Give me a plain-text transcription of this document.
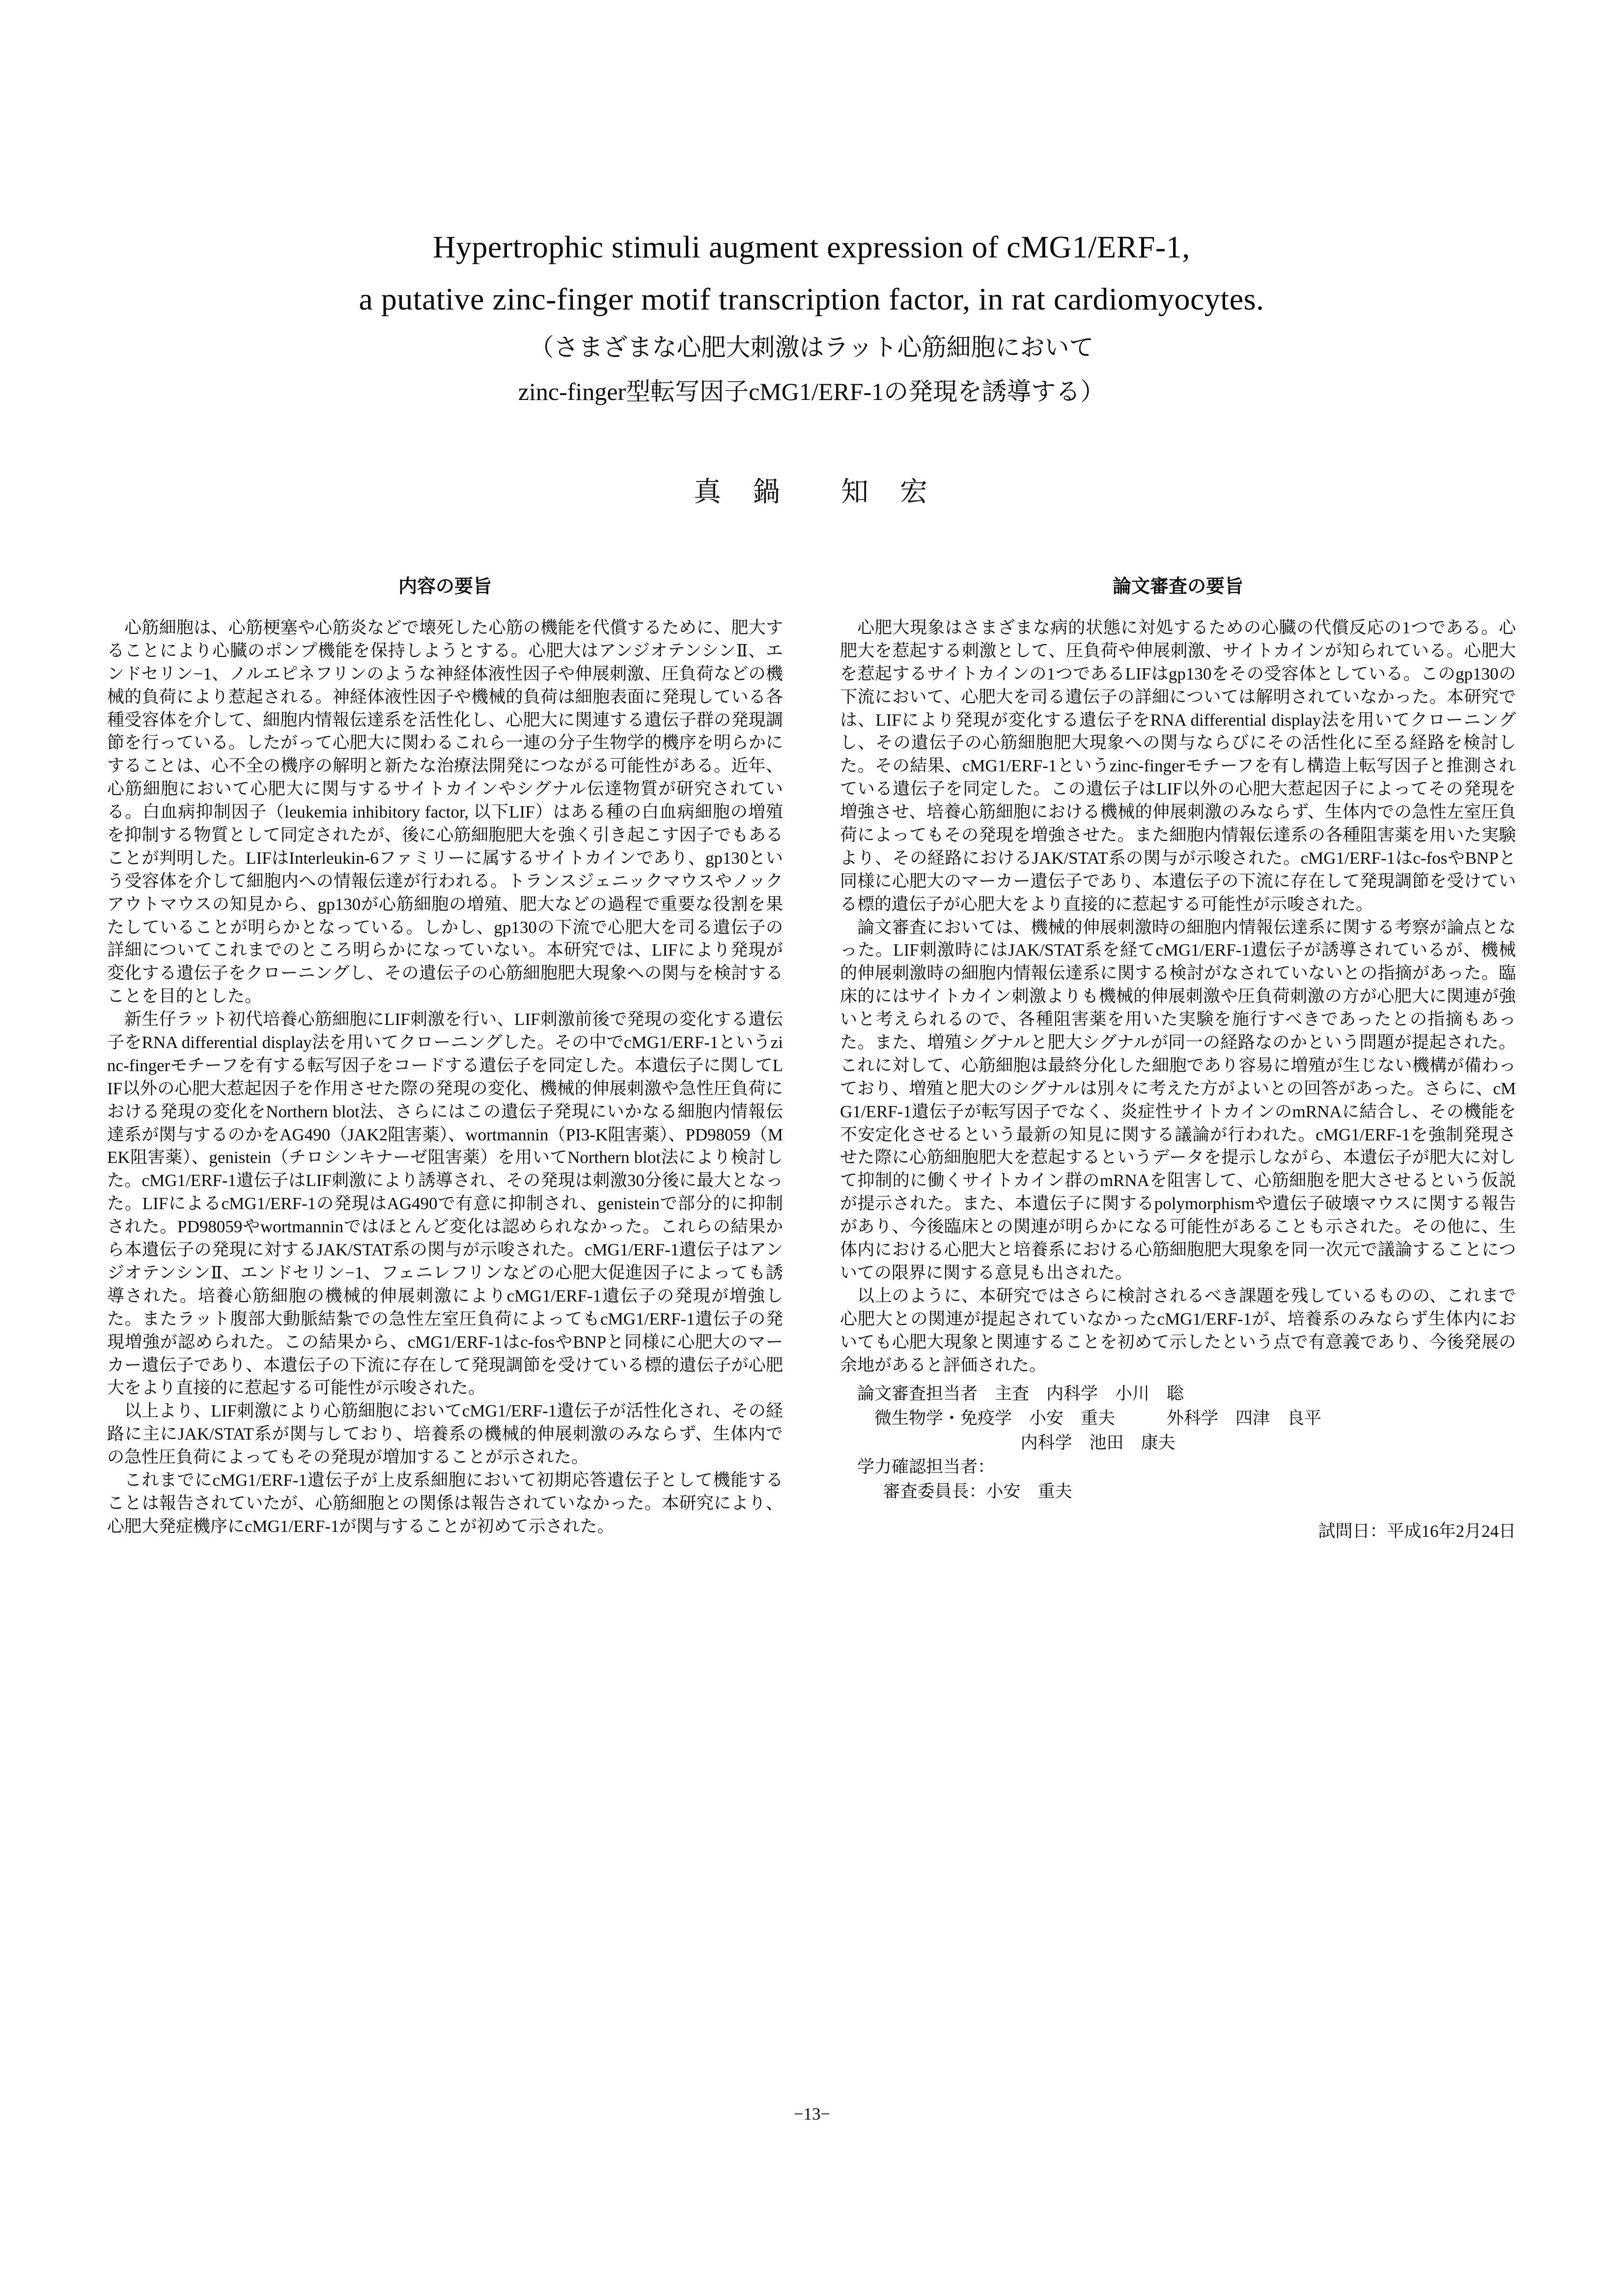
Hypertrophic stimuli augment expression of cMG1/ERF-1,
a putative zinc-finger motif transcription factor, in rat cardiomyocytes.
（さまざまな心肥大刺激はラット心筋細胞において
zinc-finger型転写因子cMG1/ERF-1の発現を誘導する）
真　鍋　　知　宏
内容の要旨

心筋細胞は、心筋梗塞や心筋炎などで壊死した心筋の機能を代償するために、肥大することにより心臓のポンプ機能を保持しようとする。心肥大はアンジオテンシンⅡ、エンドセリン−1、ノルエピネフリンのような神経体液性因子や伸展刺激、圧負荷などの機械的負荷により惹起される。神経体液性因子や機械的負荷は細胞表面に発現している各種受容体を介して、細胞内情報伝達系を活性化し、心肥大に関連する遺伝子群の発現調節を行っている。したがって心肥大に関わるこれら一連の分子生物学的機序を明らかにすることは、心不全の機序の解明と新たな治療法開発につながる可能性がある。近年、心筋細胞において心肥大に関与するサイトカインやシグナル伝達物質が研究されている。白血病抑制因子（leukemia inhibitory factor, 以下LIF）はある種の白血病細胞の増殖を抑制する物質として同定されたが、後に心筋細胞肥大を強く引き起こす因子でもあることが判明した。LIFはInterleukin-6ファミリーに属するサイトカインであり、gp130という受容体を介して細胞内への情報伝達が行われる。トランスジェニックマウスやノックアウトマウスの知見から、gp130が心筋細胞の増殖、肥大などの過程で重要な役割を果たしていることが明らかとなっている。しかし、gp130の下流で心肥大を司る遺伝子の詳細についてこれまでのところ明らかになっていない。本研究では、LIFにより発現が変化する遺伝子をクローニングし、その遺伝子の心筋細胞肥大現象への関与を検討することを目的とした。

新生仔ラット初代培養心筋細胞にLIF刺激を行い、LIF刺激前後で発現の変化する遺伝子をRNA differential display法を用いてクローニングした。その中でcMG1/ERF-1というzinc-fingerモチーフを有する転写因子をコードする遺伝子を同定した。本遺伝子に関してLIF以外の心肥大惹起因子を作用させた際の発現の変化、機械的伸展刺激や急性圧負荷における発現の変化をNorthern blot法、さらにはこの遺伝子発現にいかなる細胞内情報伝達系が関与するのかをAG490（JAK2阻害薬）、wortmannin（PI3-K阻害薬）、PD98059（MEK阻害薬）、genistein（チロシンキナーゼ阻害薬）を用いてNorthern blot法により検討した。cMG1/ERF-1遺伝子はLIF刺激により誘導され、その発現は刺激30分後に最大となった。LIFによるcMG1/ERF-1の発現はAG490で有意に抑制され、genisteinで部分的に抑制された。PD98059やwortmanninではほとんど変化は認められなかった。これらの結果から本遺伝子の発現に対するJAK/STAT系の関与が示唆された。cMG1/ERF-1遺伝子はアンジオテンシンⅡ、エンドセリン−1、フェニレフリンなどの心肥大促進因子によっても誘導された。培養心筋細胞の機械的伸展刺激によりcMG1/ERF-1遺伝子の発現が増強した。またラット腹部大動脈結紮での急性左室圧負荷によってもcMG1/ERF-1遺伝子の発現増強が認められた。この結果から、cMG1/ERF-1はc-fosやBNPと同様に心肥大のマーカー遺伝子であり、本遺伝子の下流に存在して発現調節を受けている標的遺伝子が心肥大をより直接的に惹起する可能性が示唆された。

以上より、LIF刺激により心筋細胞においてcMG1/ERF-1遺伝子が活性化され、その経路に主にJAK/STAT系が関与しており、培養系の機械的伸展刺激のみならず、生体内での急性圧負荷によってもその発現が増加することが示された。

これまでにcMG1/ERF-1遺伝子が上皮系細胞において初期応答遺伝子として機能することは報告されていたが、心筋細胞との関係は報告されていなかった。本研究により、心肥大発症機序にcMG1/ERF-1が関与することが初めて示された。

論文審査の要旨

心肥大現象はさまざまな病的状態に対処するための心臓の代償反応の1つである。心肥大を惹起する刺激として、圧負荷や伸展刺激、サイトカインが知られている。心肥大を惹起するサイトカインの1つであるLIFはgp130をその受容体としている。このgp130の下流において、心肥大を司る遺伝子の詳細については解明されていなかった。本研究では、LIFにより発現が変化する遺伝子をRNA differential display法を用いてクローニングし、その遺伝子の心筋細胞肥大現象への関与ならびにその活性化に至る経路を検討した。その結果、cMG1/ERF-1というzinc-fingerモチーフを有し構造上転写因子と推測されている遺伝子を同定した。この遺伝子はLIF以外の心肥大惹起因子によってその発現を増強させ、培養心筋細胞における機械的伸展刺激のみならず、生体内での急性左室圧負荷によってもその発現を増強させた。また細胞内情報伝達系の各種阻害薬を用いた実験より、その経路におけるJAK/STAT系の関与が示唆された。cMG1/ERF-1はc-fosやBNPと同様に心肥大のマーカー遺伝子であり、本遺伝子の下流に存在して発現調節を受けている標的遺伝子が心肥大をより直接的に惹起する可能性が示唆された。

論文審査においては、機械的伸展刺激時の細胞内情報伝達系に関する考察が論点となった。LIF刺激時にはJAK/STAT系を経てcMG1/ERF-1遺伝子が誘導されているが、機械的伸展刺激時の細胞内情報伝達系に関する検討がなされていないとの指摘があった。臨床的にはサイトカイン刺激よりも機械的伸展刺激や圧負荷刺激の方が心肥大に関連が強いと考えられるので、各種阻害薬を用いた実験を施行すべきであったとの指摘もあった。また、増殖シグナルと肥大シグナルが同一の経路なのかという問題が提起された。これに対して、心筋細胞は最終分化した細胞であり容易に増殖が生じない機構が備わっており、増殖と肥大のシグナルは別々に考えた方がよいとの回答があった。さらに、cMG1/ERF-1遺伝子が転写因子でなく、炎症性サイトカインのmRNAに結合し、その機能を不安定化させるという最新の知見に関する議論が行われた。cMG1/ERF-1を強制発現させた際に心筋細胞肥大を惹起するというデータを提示しながら、本遺伝子が肥大に対して抑制的に働くサイトカイン群のmRNAを阻害して、心筋細胞を肥大させるという仮説が提示された。また、本遺伝子に関するpolymorphismや遺伝子破壊マウスに関する報告があり、今後臨床との関連が明らかになる可能性があることも示された。その他に、生体内における心肥大と培養系における心筋細胞肥大現象を同一次元で議論することについての限界に関する意見も出された。

以上のように、本研究ではさらに検討されるべき課題を残しているものの、これまで心肥大との関連が提起されていなかったcMG1/ERF-1が、培養系のみならず生体内においても心肥大現象と関連することを初めて示したという点で有意義であり、今後発展の余地があると評価された。

論文審査担当者　主査　内科学　小川　聡
微生物学・免疫学　小安　重夫　　　外科学　四津　良平
内科学　池田　康夫
学力確認担当者：
審査委員長：小安　重夫
試問日：平成16年2月24日
−13−
